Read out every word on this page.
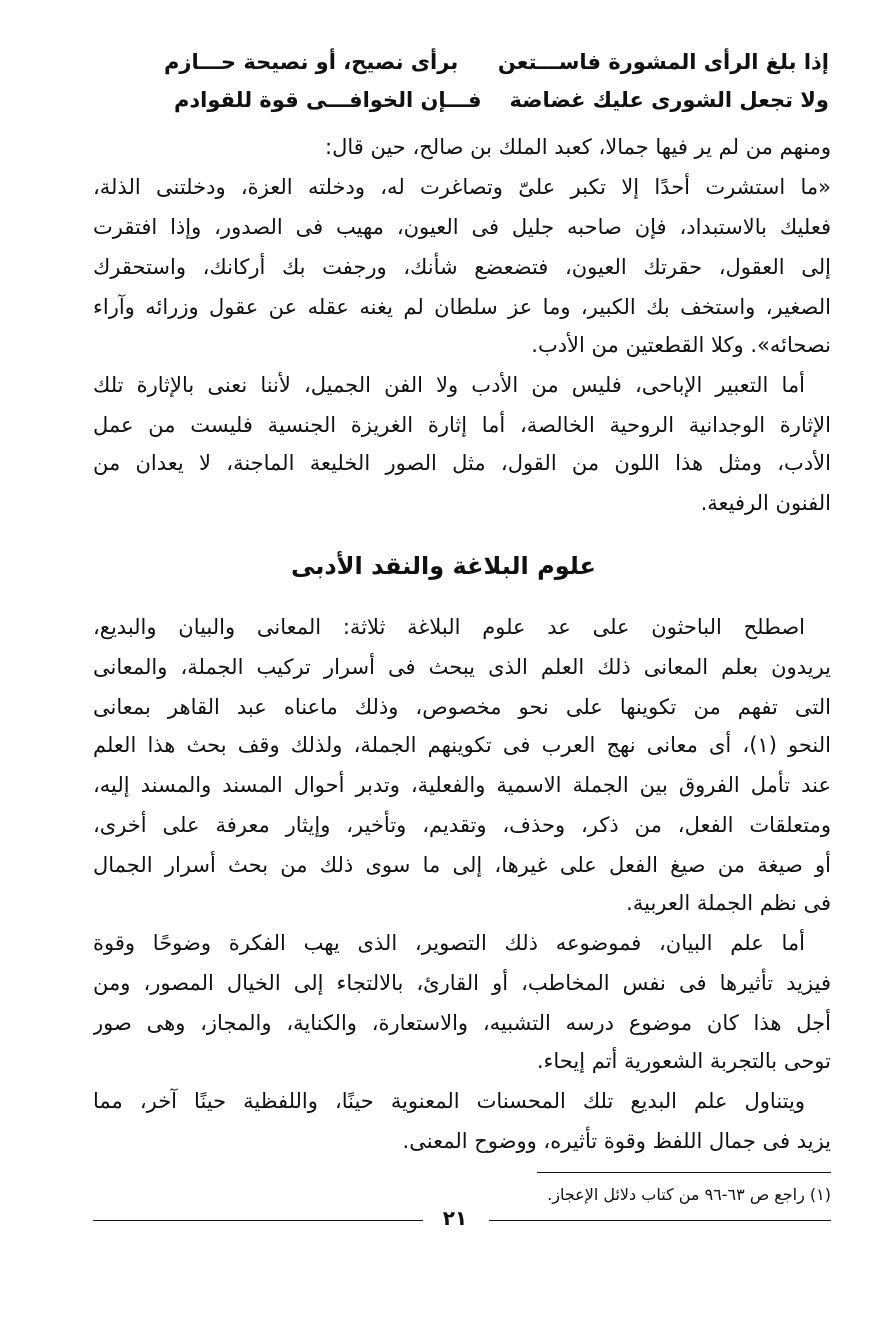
إذا بلغ الرأى المشورة فاســـتعن
برأى نصيح، أو نصيحة حـــازم
ولا تجعل الشورى عليك غضاضة
فـــإن الخوافـــى قوة للقوادم
ومنهم من لم ير فيها جمالا، كعبد الملك بن صالح، حين قال:
«ما استشرت أحدًا إلا تكبر علىّ وتصاغرت له، ودخلته العزة، ودخلتنى الذلة،
فعليك بالاستبداد، فإن صاحبه جليل فى العيون، مهيب فى الصدور، وإذا افتقرت
إلى العقول، حقرتك العيون، فتضعضع شأنك، ورجفت بك أركانك، واستحقرك
الصغير، واستخف بك الكبير، وما عز سلطان لم يغنه عقله عن عقول وزرائه وآراء
نصحائه». وكلا القطعتين من الأدب.
أما التعبير الإباحى، فليس من الأدب ولا الفن الجميل، لأننا نعنى بالإثارة تلك
الإثارة الوجدانية الروحية الخالصة، أما إثارة الغريزة الجنسية فليست من عمل
الأدب، ومثل هذا اللون من القول، مثل الصور الخليعة الماجنة، لا يعدان من
الفنون الرفيعة.
علوم البلاغة والنقد الأدبى
اصطلح الباحثون على عد علوم البلاغة ثلاثة: المعانى والبيان والبديع،
يريدون بعلم المعانى ذلك العلم الذى يبحث فى أسرار تركيب الجملة، والمعانى
التى تفهم من تكوينها على نحو مخصوص، وذلك ماعناه عبد القاهر بمعانى
النحو (١)، أى معانى نهج العرب فى تكوينهم الجملة، ولذلك وقف بحث هذا العلم
عند تأمل الفروق بين الجملة الاسمية والفعلية، وتدبر أحوال المسند والمسند إليه،
ومتعلقات الفعل، من ذكر، وحذف، وتقديم، وتأخير، وإيثار معرفة على أخرى،
أو صيغة من صيغ الفعل على غيرها، إلى ما سوى ذلك من بحث أسرار الجمال
فى نظم الجملة العربية.
أما علم البيان، فموضوعه ذلك التصوير، الذى يهب الفكرة وضوحًا وقوة
فيزيد تأثيرها فى نفس المخاطب، أو القارئ، بالالتجاء إلى الخيال المصور، ومن
أجل هذا كان موضوع درسه التشبيه، والاستعارة، والكناية، والمجاز، وهى صور
توحى بالتجربة الشعورية أتم إيحاء.
ويتناول علم البديع تلك المحسنات المعنوية حينًا، واللفظية حينًا آخر، مما
يزيد فى جمال اللفظ وقوة تأثيره، ووضوح المعنى.
(١) راجع ص ٦٣-٩٦ من كتاب دلائل الإعجاز.
٢١
